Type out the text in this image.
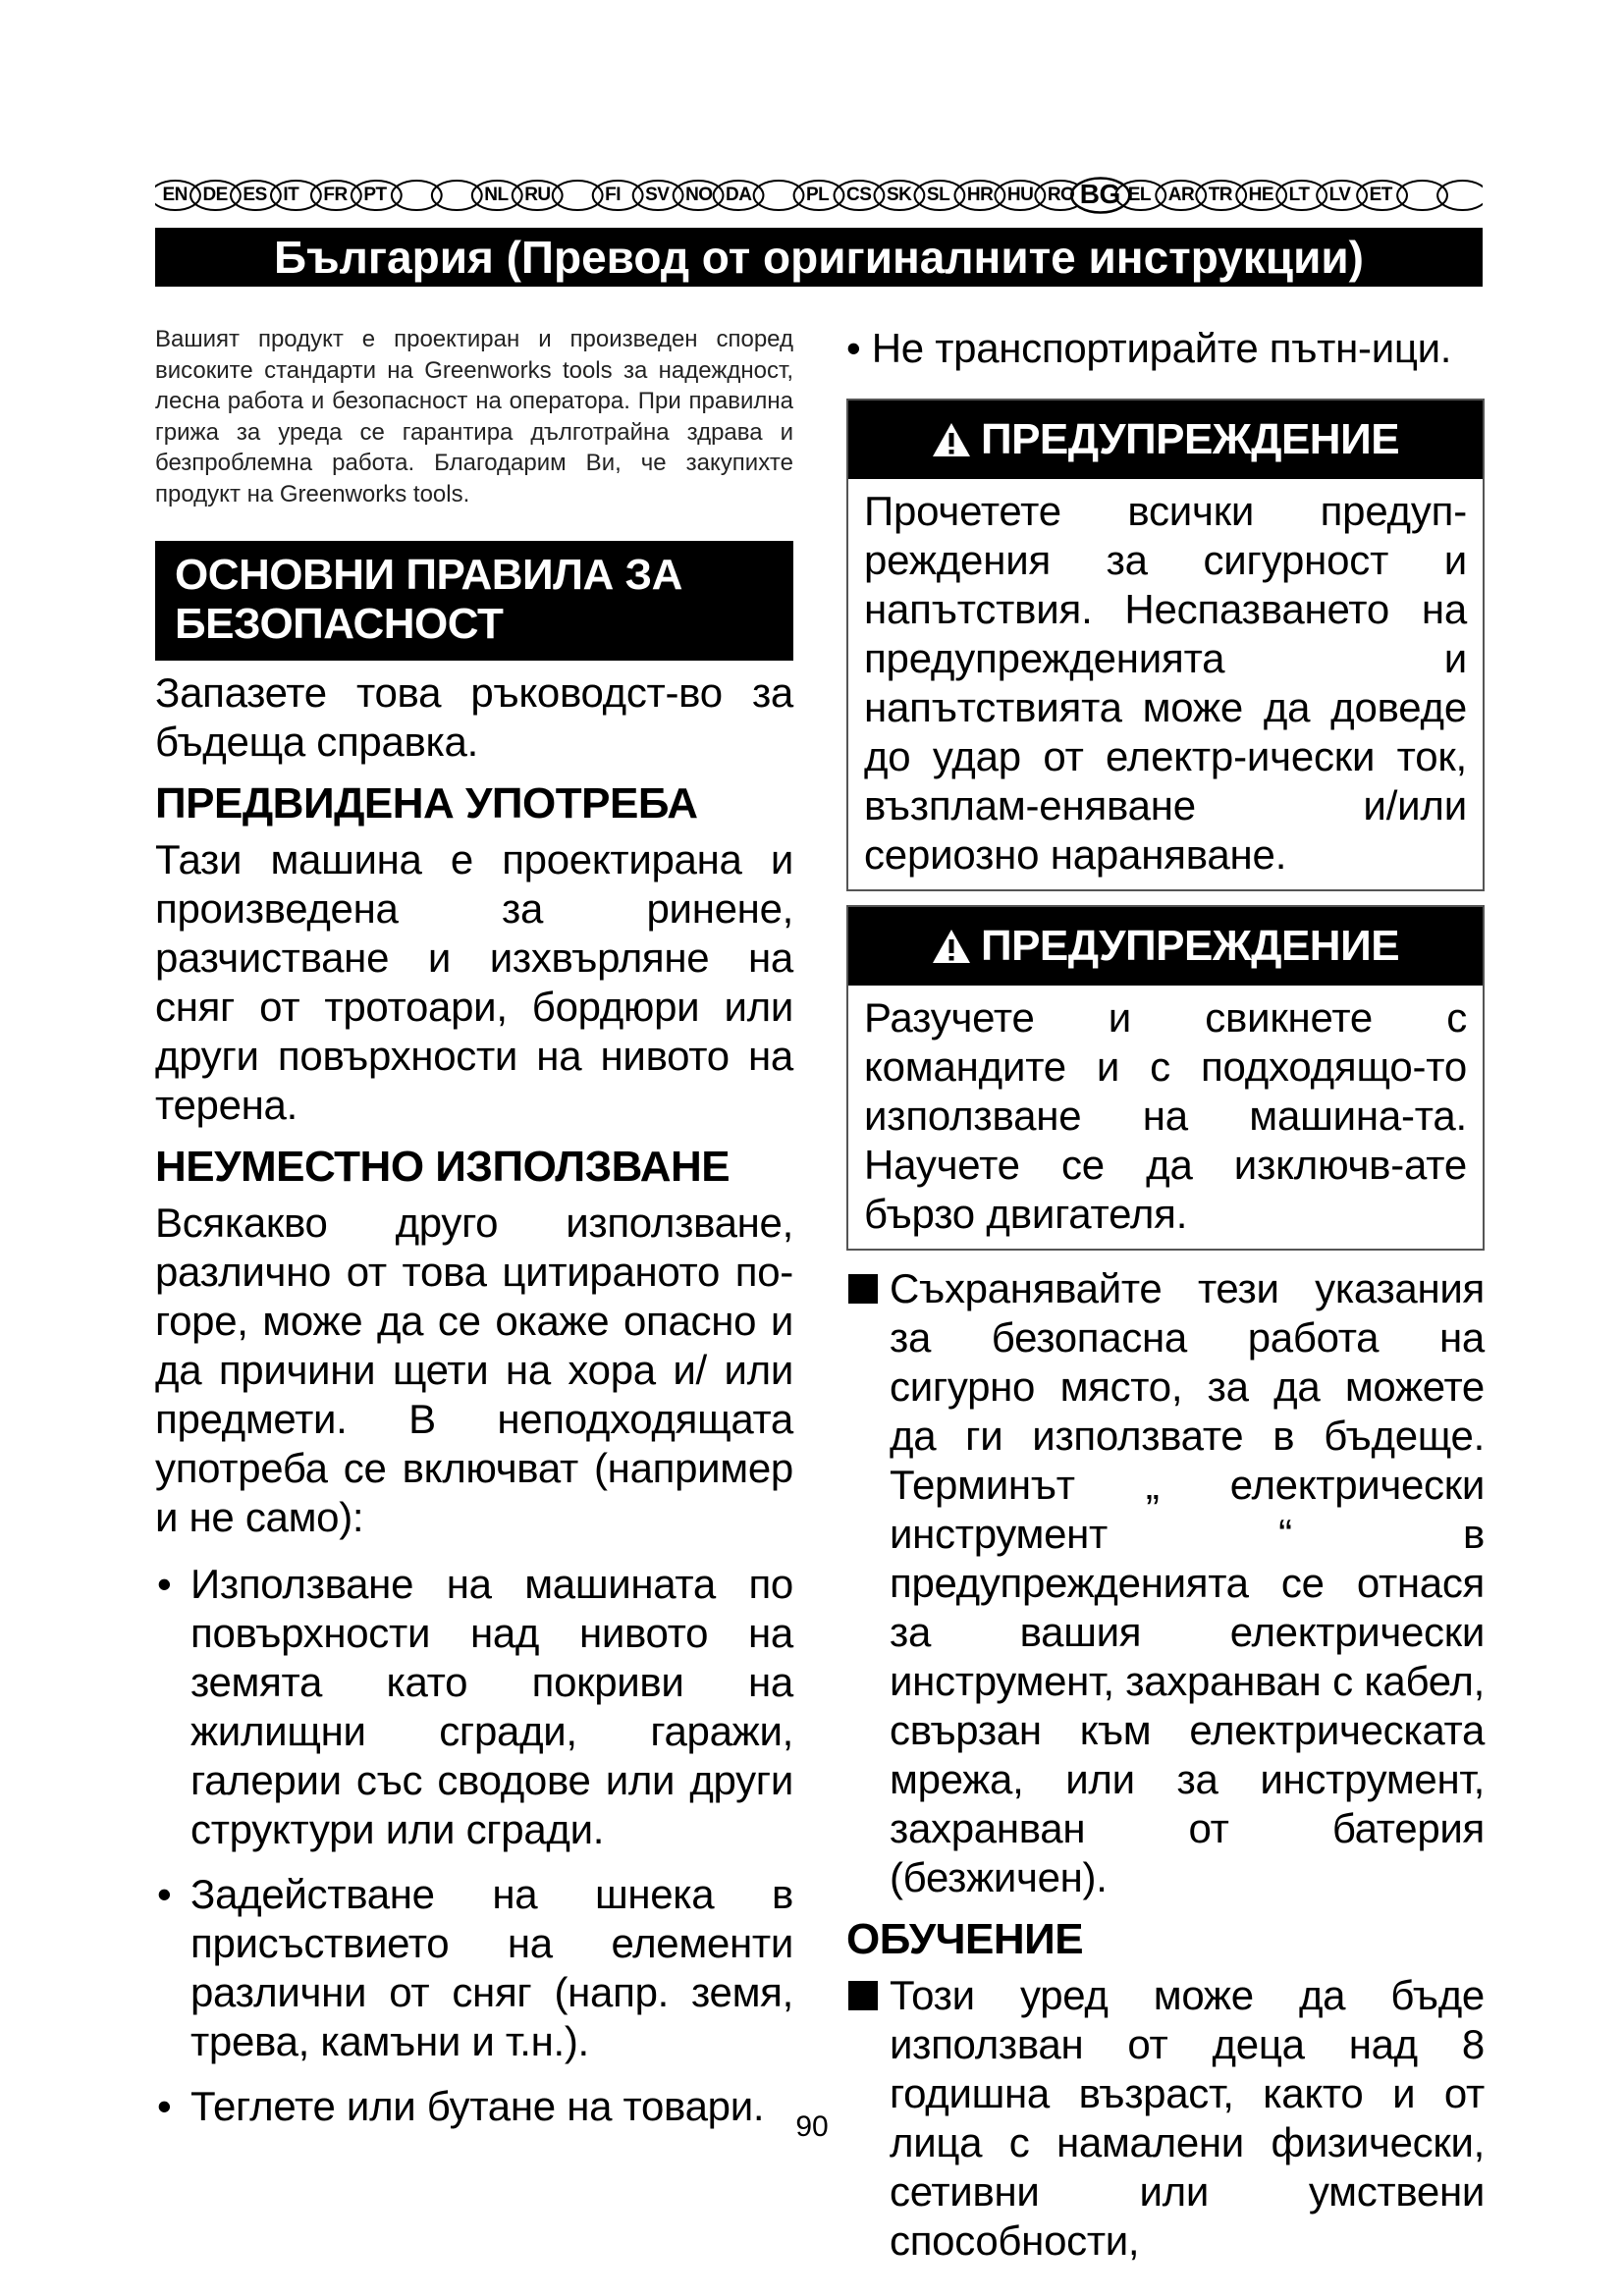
EN DE ES IT FR PT	NL RU	FI SV NO DA	PL CS SK SL HR HU RO BG EL AR TR HE LT LV ET
България (Превод от оригиналните инструкции)

Вашият продукт е проектиран и произведен според високите стандарти на Greenworks tools за надеждност, лесна работа и безопасност на оператора. При правилна грижа за уреда се гарантира дълготрайна здрава и безпроблемна работа. Благодарим Ви, че закупихте продукт на Greenworks tools.

ОСНОВНИ ПРАВИЛА ЗА БЕЗОПАСНОСТ

Запазете това ръководст-во за бъдеща справка.

ПРЕДВИДЕНА УПОТРЕБА

Тази машина е проектирана и произведена за ринене, разчистване и изхвърляне на сняг от тротоари, бордюри или други повърхности на нивото на терена.

НЕУМЕСТНО ИЗПОЛЗВАНЕ

Всякакво друго използване, различно от това цитираното по-горе, може да се окаже опасно и да причини щети на хора и/ или предмети. В неподходящата употреба се включват (например и не само):

• Използване на машината по повърхности над нивото на земята като покриви на жилищни сгради, гаражи, галерии със сводове или други структури или сгради.
• Задействане на шнека в присъствието на елементи различни от сняг (напр. земя, трева, камъни и т.н.).
• Теглете или бутане на товари.

• Не транспортирайте пътн-ици.

ПРЕДУПРЕЖДЕНИЕ

Прочетете всички предуп-реждения за сигурност и напътствия. Неспазването на предупрежденията и напътствията може да доведе до удар от електр-ически ток, възплам-еняване и/или сериозно нараняване.

ПРЕДУПРЕЖДЕНИЕ

Разучете и свикнете с командите и с подходящо-то използване на машина-та. Научете се да изключв-ате бързо двигателя.

Съхранявайте тези указания за безопасна работа на сигурно място, за да можете да ги използвате в бъдеще. Терминът „ електрически инструмент “ в предупрежденията се отнася за вашия електрически инструмент, захранван с кабел, свързан към електрическата мрежа, или за инструмент, захранван от батерия (безжичен).
ОБУЧЕНИЕ
Този уред може да бъде използван от деца над 8 годишна възраст, както и от лица с намалени физически, сетивни или умствени способности,
90
